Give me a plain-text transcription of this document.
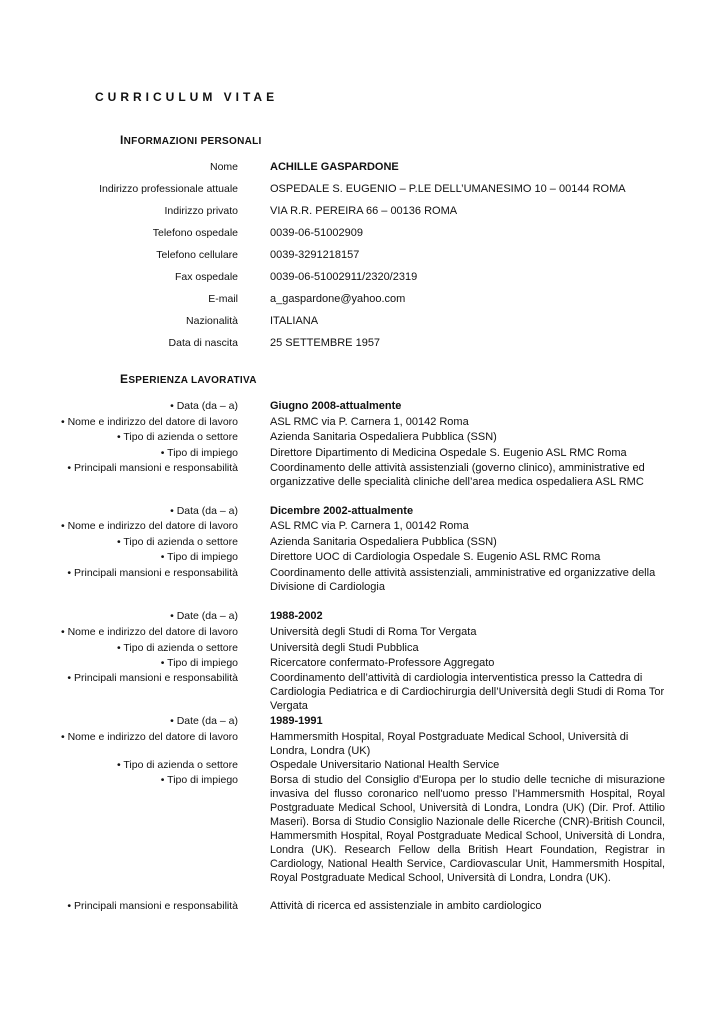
CURRICULUM VITAE
INFORMAZIONI PERSONALI
Nome	ACHILLE GASPARDONE
Indirizzo professionale attuale	OSPEDALE S. EUGENIO – P.LE DELL’UMANESIMO 10 – 00144 ROMA
Indirizzo privato	VIA R.R. PEREIRA 66 – 00136 ROMA
Telefono ospedale	0039-06-51002909
Telefono cellulare	0039-3291218157
Fax ospedale	0039-06-51002911/2320/2319
E-mail	a_gaspardone@yahoo.com
Nazionalità	ITALIANA
Data di nascita	25 SETTEMBRE 1957
ESPERIENZA LAVORATIVA
• Data (da – a)	Giugno 2008-attualmente
• Nome e indirizzo del datore di lavoro	ASL RMC via P. Carnera 1, 00142 Roma
• Tipo di azienda o settore	Azienda Sanitaria Ospedaliera Pubblica (SSN)
• Tipo di impiego	Direttore Dipartimento di Medicina Ospedale S. Eugenio ASL RMC Roma
• Principali mansioni e responsabilità	Coordinamento delle attività assistenziali (governo clinico), amministrative ed organizzative delle specialità cliniche dell’area medica ospedaliera ASL RMC
• Data (da – a)	Dicembre 2002-attualmente
• Nome e indirizzo del datore di lavoro	ASL RMC via P. Carnera 1, 00142 Roma
• Tipo di azienda o settore	Azienda Sanitaria Ospedaliera Pubblica (SSN)
• Tipo di impiego	Direttore UOC di Cardiologia Ospedale S. Eugenio ASL RMC Roma
• Principali mansioni e responsabilità	Coordinamento delle attività assistenziali, amministrative ed organizzative della Divisione di Cardiologia
• Date (da – a)	1988-2002
• Nome e indirizzo del datore di lavoro	Università degli Studi di Roma Tor Vergata
• Tipo di azienda o settore	Università degli Studi Pubblica
• Tipo di impiego	Ricercatore confermato-Professore Aggregato
• Principali mansioni e responsabilità	Coordinamento dell’attività di cardiologia interventistica presso la Cattedra di Cardiologia Pediatrica e di Cardiochirurgia dell’Università degli Studi di Roma Tor Vergata
• Date (da – a)	1989-1991
• Nome e indirizzo del datore di lavoro	Hammersmith Hospital, Royal Postgraduate Medical School, Università di Londra, Londra (UK)
• Tipo di azienda o settore	Ospedale Universitario National Health Service
• Tipo di impiego	Borsa di studio del Consiglio d'Europa per lo studio delle tecniche di misurazione invasiva del flusso coronarico nell'uomo presso l’Hammersmith Hospital, Royal Postgraduate Medical School, Università di Londra, Londra (UK) (Dir. Prof. Attilio Maseri). Borsa di Studio Consiglio Nazionale delle Ricerche (CNR)-British Council, Hammersmith Hospital, Royal Postgraduate Medical School, Università di Londra, Londra (UK). Research Fellow della British Heart Foundation, Registrar in Cardiology, National Health Service, Cardiovascular Unit, Hammersmith Hospital, Royal Postgraduate Medical School, Università di Londra, Londra (UK).
• Principali mansioni e responsabilità	Attività di ricerca ed assistenziale in ambito cardiologico
